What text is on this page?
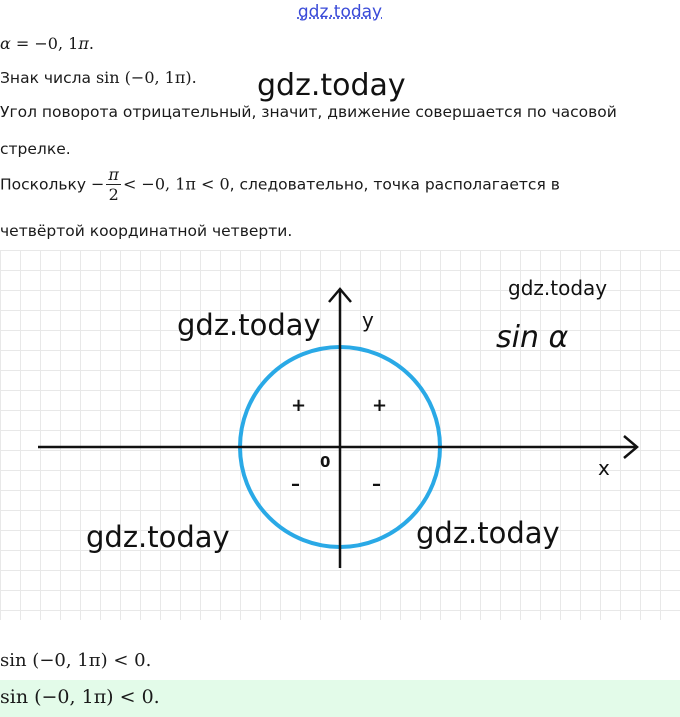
gdz.today
α = −0, 1π.
Знак числа sin (−0, 1π). gdz.today
Угол поворота отрицательный, значит, движение совершается по часовой
стрелке.
Поскольку − $\frac{\pi}{2} < -0$, 1π < 0, следовательно, точка располагается в
четвёртой координатной четверти.
y
x
0
+
+
–	–
sin α
gdz.today
gdz.today
gdz.today	gdz.today
sin (−0, 1π) < 0.
sin (−0, 1π) < 0.
